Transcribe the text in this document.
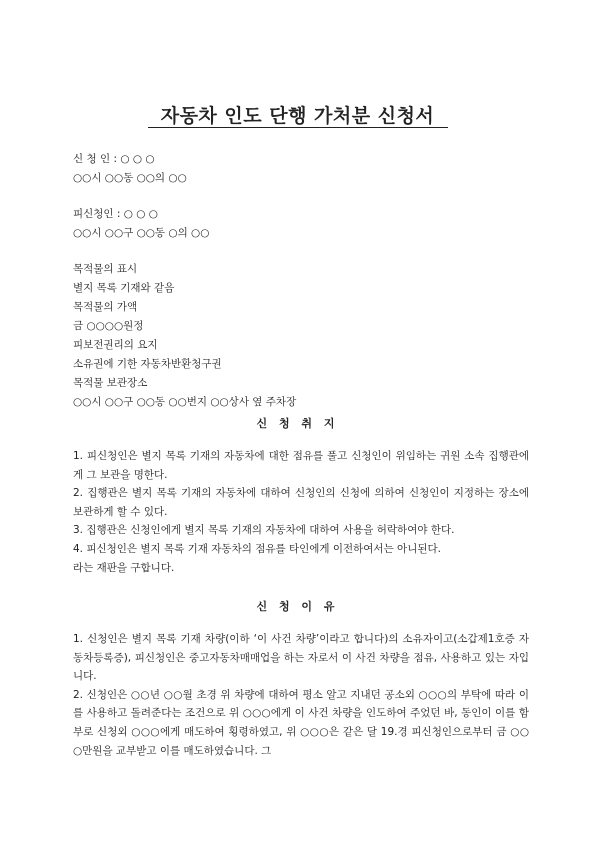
자동차 인도 단행 가처분 신청서
신 청 인 : ○ ○ ○
○○시 ○○동 ○○의 ○○
피신청인 : ○ ○ ○
○○시 ○○구 ○○동 ○의 ○○
목적물의 표시
별지 목록 기재와 같음
목적물의 가액
금 ○○○○원정
피보전권리의 요지
소유권에 기한 자동차반환청구권
목적물 보관장소
○○시 ○○구 ○○동 ○○번지 ○○상사 옆 주차장
신 청 취 지
1. 피신청인은 별지 목록 기재의 자동차에 대한 점유를 풀고 신청인이 위임하는 귀원 소속 집행관에게 그 보관을 명한다.
2. 집행관은 별지 목록 기재의 자동차에 대하여 신청인의 신청에 의하여 신청인이 지정하는 장소에 보관하게 할 수 있다.
3. 집행관은 신청인에게 별지 목록 기재의 자동차에 대하여 사용을 허락하여야 한다.
4. 피신청인은 별지 목록 기재 자동차의 점유를 타인에게 이전하여서는 아니된다.
라는 재판을 구합니다.
신 청 이 유
1. 신청인은 별지 목록 기재 차량(이하 ‘이 사건 차량’이라고 합니다)의 소유자이고(소갑제1호증 자동차등록증), 피신청인은 중고자동차매매업을 하는 자로서 이 사건 차량을 점유, 사용하고 있는 자입니다.
2. 신청인은 ○○년 ○○월 초경 위 차량에 대하여 평소 알고 지내던 공소외 ○○○의 부탁에 따라 이를 사용하고 돌려준다는 조건으로 위 ○○○에게 이 사건 차량을 인도하여 주었던 바, 동인이 이를 함부로 신청외 ○○○에게 매도하여 횡령하였고, 위 ○○○은 같은 달 19.경 피신청인으로부터 금 ○○○만원을 교부받고 이를 매도하였습니다. 그
